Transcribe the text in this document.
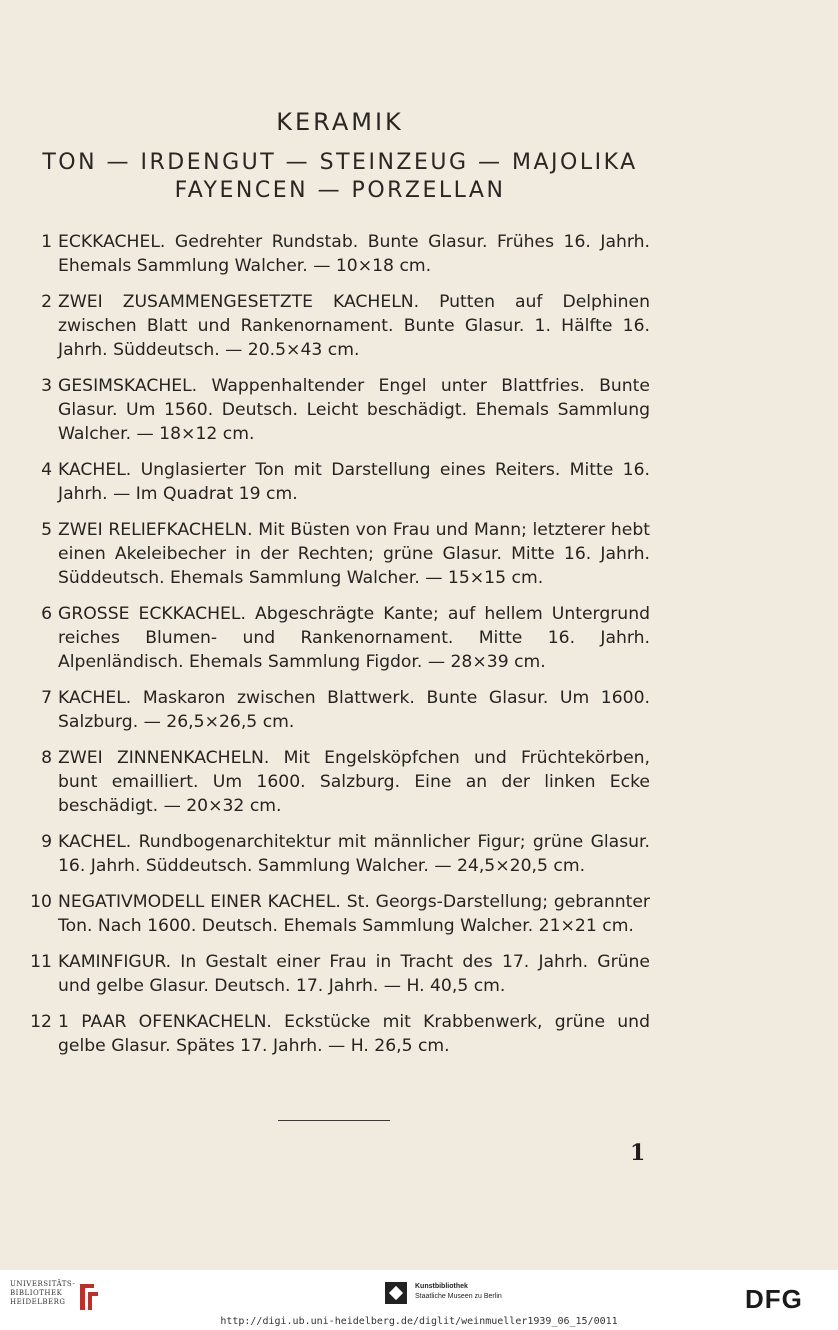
KERAMIK
TON — IRDENGUT — STEINZEUG — MAJOLIKA
FAYENCEN — PORZELLAN
1 ECKKACHEL. Gedrehter Rundstab. Bunte Glasur. Frühes 16. Jahrh. Ehemals Sammlung Walcher. — 10×18 cm.
2 ZWEI ZUSAMMENGESETZTE KACHELN. Putten auf Delphinen zwischen Blatt und Rankenornament. Bunte Glasur. 1. Hälfte 16. Jahrh. Süddeutsch. — 20.5×43 cm.
3 GESIMSKACHEL. Wappenhaltender Engel unter Blattfries. Bunte Glasur. Um 1560. Deutsch. Leicht beschädigt. Ehemals Sammlung Walcher. — 18×12 cm.
4 KACHEL. Unglasierter Ton mit Darstellung eines Reiters. Mitte 16. Jahrh. — Im Quadrat 19 cm.
5 ZWEI RELIEFKACHELN. Mit Büsten von Frau und Mann; letzterer hebt einen Akeleibecher in der Rechten; grüne Glasur. Mitte 16. Jahrh. Süddeutsch. Ehemals Sammlung Walcher. — 15×15 cm.
6 GROSSE ECKKACHEL. Abgeschrägte Kante; auf hellem Untergrund reiches Blumen- und Rankenornament. Mitte 16. Jahrh. Alpenländisch. Ehemals Sammlung Figdor. — 28×39 cm.
7 KACHEL. Maskaron zwischen Blattwerk. Bunte Glasur. Um 1600. Salzburg. — 26,5×26,5 cm.
8 ZWEI ZINNENKACHELN. Mit Engelsköpfchen und Früchtekörben, bunt emailliert. Um 1600. Salzburg. Eine an der linken Ecke beschädigt. — 20×32 cm.
9 KACHEL. Rundbogenarchitektur mit männlicher Figur; grüne Glasur. 16. Jahrh. Süddeutsch. Sammlung Walcher. — 24,5×20,5 cm.
10 NEGATIVMODELL EINER KACHEL. St. Georgs-Darstellung; gebrannter Ton. Nach 1600. Deutsch. Ehemals Sammlung Walcher. 21×21 cm.
11 KAMINFIGUR. In Gestalt einer Frau in Tracht des 17. Jahrh. Grüne und gelbe Glasur. Deutsch. 17. Jahrh. — H. 40,5 cm.
12 1 PAAR OFENKACHELN. Eckstücke mit Krabbenwerk, grüne und gelbe Glasur. Spätes 17. Jahrh. — H. 26,5 cm.
1
UNIVERSITÄTS-
BIBLIOTHEK
HEIDELBERG
Kunstbibliothek
Staatliche Museen zu Berlin	DFG
http://digi.ub.uni-heidelberg.de/diglit/weinmueller1939_06_15/0011
